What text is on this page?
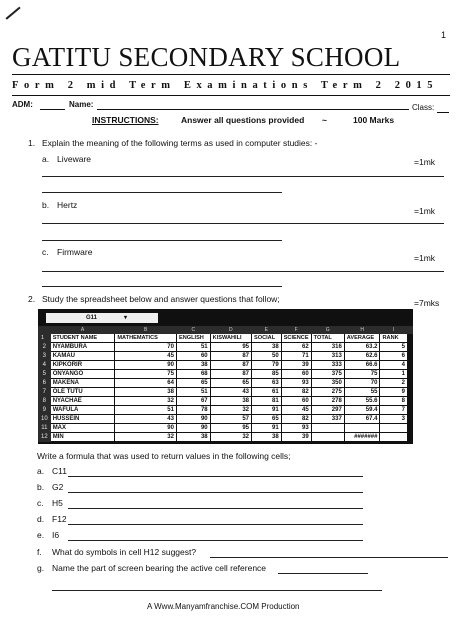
1
GATITU SECONDARY SCHOOL
Form 2 mid Term Examinations Term 2 2015
ADM:	Name:	Class:
INSTRUCTIONS:	Answer all questions provided ~	100 Marks
1. Explain the meaning of the following terms as used in computer studies: -
a. Liveware	=1mk
b. Hertz
=1mk
c. Firmware
=1mk
2. Study the spreadsheet below and answer questions that follow;	=7mks
G11	▾
	A	B	C	D	E	F	G	H	I	
1	STUDENT NAME	MATHEMATICS	ENGLISH	KISWAHILI	SOCIAL	SCIENCE	TOTAL	AVERAGE	RANK	
2	NYAMBURA	70	51	95	38	62	316	63.2	5	
3	KAMAU	45	60	87	50	71	313	62.6	6	
4	KIPKORIR	90	38	87	79	39	333	66.6	4	
5	ONYANGO	75	68	87	85	60	375	75	1	
6	MAKENA	64	65	65	63	93	350	70	2	
7	OLE TUTU	38	51	43	61	82	275	55	9	
8	NYACHAE	32	67	38	81	60	278	55.6	8	
9	WAFULA	51	78	32	91	45	297	59.4	7	
10	HUSSEIN	43	90	57	65	82	337	67.4	3	
11	MAX	90	90	95	91	93				
12	MIN	32	38	32	38	39		#######		
Write a formula that was used to return values in the following cells;
a. C11
b. G2
c. H5
d. F12
e. I6
f. What do symbols in cell H12 suggest?
g. Name the part of screen bearing the active cell reference
A Www.Manyamfranchise.COM Production
